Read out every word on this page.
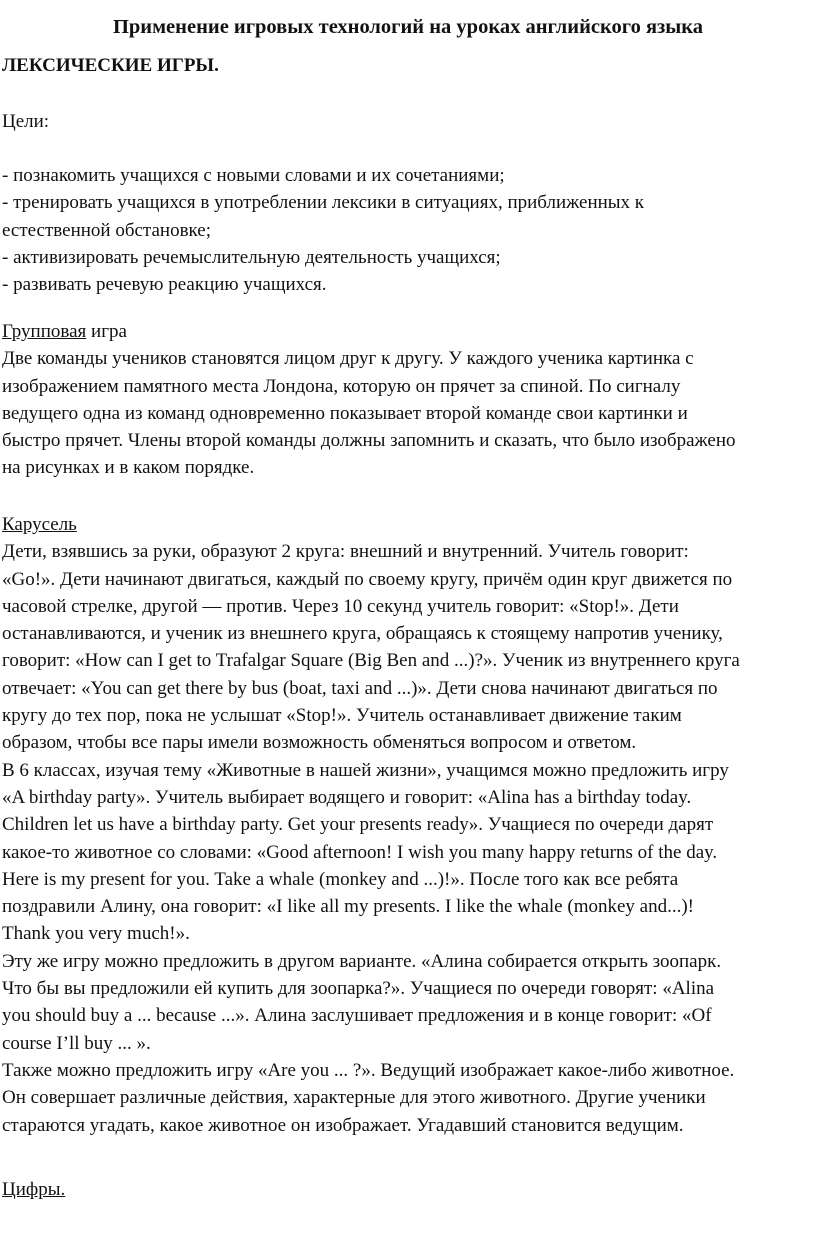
Применение игровых технологий на уроках английского языка
ЛЕКСИЧЕСКИЕ ИГРЫ.
Цели:
- познакомить учащихся с новыми словами и их сочетаниями;
- тренировать учащихся в употреблении лексики в ситуациях, приближенных к
естественной обстановке;
- активизировать речемыслительную деятельность учащихся;
- развивать речевую реакцию учащихся.
Групповая игра
Две команды учеников становятся лицом друг к другу. У каждого ученика картинка с
изображением памятного места Лондона, которую он прячет за спиной. По сигналу
ведущего одна из команд одновременно показывает второй команде свои картинки и
быстро прячет. Члены второй команды должны запомнить и сказать, что было изображено
на рисунках и в каком порядке.
Карусель
Дети, взявшись за руки, образуют 2 круга: внешний и внутренний. Учитель говорит:
«Go!». Дети начинают двигаться, каждый по своему кругу, причём один круг движется по
часовой стрелке, другой — против. Через 10 секунд учитель говорит: «Stop!». Дети
останавливаются, и ученик из внешнего круга, обращаясь к стоящему напротив ученику,
говорит: «How can I get to Trafalgar Square (Big Ben and ...)?». Ученик из внутреннего круга
отвечает: «You can get there by bus (boat, taxi and ...)». Дети снова начинают двигаться по
кругу до тех пор, пока не услышат «Stop!». Учитель останавливает движение таким
образом, чтобы все пары имели возможность обменяться вопросом и ответом.
В 6 классах, изучая тему «Животные в нашей жизни», учащимся можно предложить игру
«A birthday party». Учитель выбирает водящего и говорит: «Alina has a birthday today.
Children let us have a birthday party. Get your presents ready». Учащиеся по очереди дарят
какое-то животное со словами: «Good afternoon! I wish you many happy returns of the day.
Here is my present for you. Take a whale (monkey and ...)!». После того как все ребята
поздравили Алину, она говорит: «I like all my presents. I like the whale (monkey and...)!
Thank you very much!».
Эту же игру можно предложить в другом варианте. «Алина собирается открыть зоопарк.
Что бы вы предложили ей купить для зоопарка?». Учащиеся по очереди говорят: «Alina
you should buy a ... because ...». Алина заслушивает предложения и в конце говорит: «Of
course I’ll buy ... ».
Также можно предложить игру «Are you ... ?». Ведущий изображает какое-либо животное.
Он совершает различные действия, характерные для этого животного. Другие ученики
стараются угадать, какое животное он изображает. Угадавший становится ведущим.
Цифры.
